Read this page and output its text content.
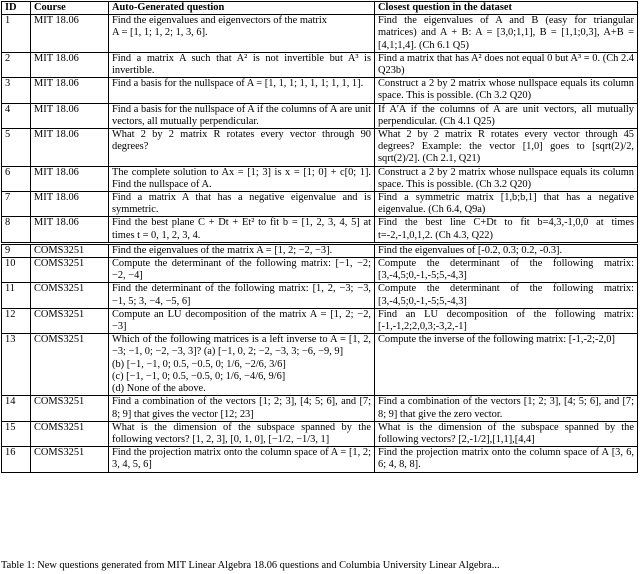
ID	Course	Auto-Generated question	Closest question in the dataset
1	MIT 18.06	Find the eigenvalues and eigenvectors of the matrix
A = [1, 1; 1, 2; 1, 3, 6].	Find the eigenvalues of A and B (easy for triangular matrices) and A + B: A = [3,0;1,1], B = [1,1;0,3], A+B = [4,1;1,4]. (Ch 6.1 Q5)
2	MIT 18.06	Find a matrix A such that A² is not invertible but A³ is invertible.	Find a matrix that has A² does not equal 0 but A³ = 0. (Ch 2.4 Q23b)
3	MIT 18.06	Find a basis for the nullspace of A = [1, 1, 1; 1, 1, 1; 1, 1, 1].	Construct a 2 by 2 matrix whose nullspace equals its column space. This is possible. (Ch 3.2 Q20)
4	MIT 18.06	Find a basis for the nullspace of A if the columns of A are unit vectors, all mutually perpendicular.	If A'A if the columns of A are unit vectors, all mutually perpendicular. (Ch 4.1 Q25)
5	MIT 18.06	What 2 by 2 matrix R rotates every vector through 90 degrees?	What 2 by 2 matrix R rotates every vector through 45 degrees? Example: the vector [1,0] goes to [sqrt(2)/2, sqrt(2)/2]. (Ch 2.1, Q21)
6	MIT 18.06	The complete solution to Ax = [1; 3] is x = [1; 0] + c[0; 1]. Find the nullspace of A.	Construct a 2 by 2 matrix whose nullspace equals its column space. This is possible. (Ch 3.2 Q20)
7	MIT 18.06	Find a matrix A that has a negative eigenvalue and is symmetric.	Find a symmetric matrix [1,b;b,1] that has a negative eigenvalue. (Ch 6.4, Q9a)
8	MIT 18.06	Find the best plane C + Dt + Et² to fit b = [1, 2, 3, 4, 5] at times t = 0, 1, 2, 3, 4.	Find the best line C+Dt to fit b=4,3,-1,0,0 at times t=-2,-1,0,1,2. (Ch 4.3, Q22)
9	COMS3251	Find the eigenvalues of the matrix A = [1, 2; −2, −3].	Find the eigenvalues of [-0.2, 0.3; 0.2, -0.3].
10	COMS3251	Compute the determinant of the following matrix: [−1, −2; −2, −4]	Compute the determinant of the following matrix: [3,-4,5;0,-1,-5;5,-4,3]
11	COMS3251	Find the determinant of the following matrix: [1, 2, −3; −3, −1, 5; 3, −4, −5, 6]	Compute the determinant of the following matrix: [3,-4,5;0,-1,-5;5,-4,3]
12	COMS3251	Compute an LU decomposition of the matrix A = [1, 2; −2, −3]	Find an LU decomposition of the following matrix: [-1,-1,2;2,0,3;-3,2,-1]
13	COMS3251	Which of the following matrices is a left inverse to A = [1, 2, −3; −1, 0; −2, −3, 3]? (a) [−1, 0, 2; −2, −3, 3; −6, −9, 9]
(b) [−1, −1, 0; 0.5, −0.5, 0; 1/6, −2/6, 3/6]
(c) [−1, −1, 0; 0.5, −0.5, 0; 1/6, −4/6, 9/6]
(d) None of the above.	Compute the inverse of the following matrix: [-1,-2;-2,0]
14	COMS3251	Find a combination of the vectors [1; 2; 3], [4; 5; 6], and [7; 8; 9] that gives the vector [12; 23]	Find a combination of the vectors [1; 2; 3], [4; 5; 6], and [7; 8; 9] that give the zero vector.
15	COMS3251	What is the dimension of the subspace spanned by the following vectors? [1, 2, 3], [0, 1, 0], [−1/2, −1/3, 1]	What is the dimension of the subspace spanned by the following vectors? [2,-1/2],[1,1],[4,4]
16	COMS3251	Find the projection matrix onto the column space of A = [1, 2; 3, 4, 5, 6]	Find the projection matrix onto the column space of A [3, 6, 6; 4, 8, 8].
Table 1: New questions generated from MIT Linear Algebra 18.06 questions and Columbia University Linear Algebra...
